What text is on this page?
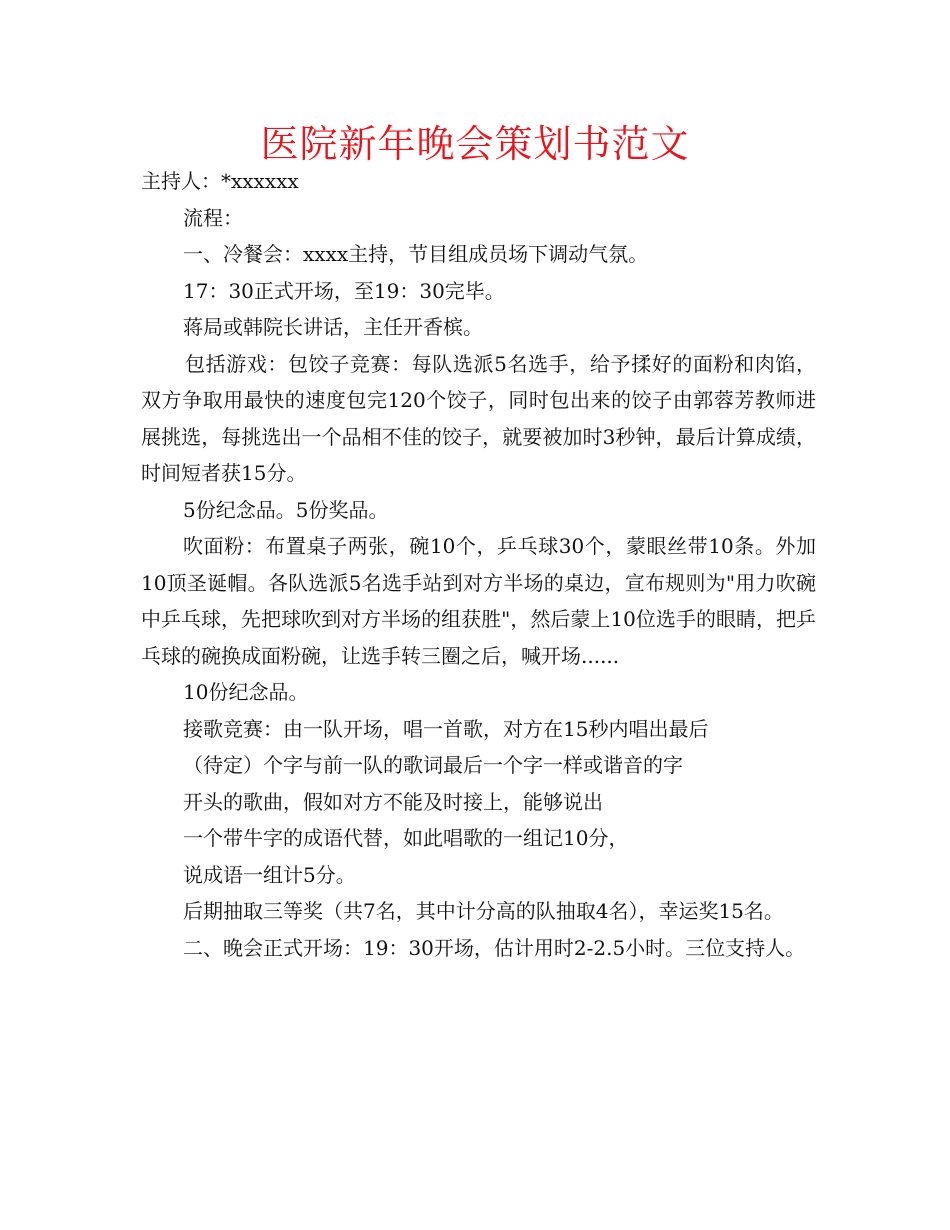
医院新年晚会策划书范文

主持人：*xxxxxx

流程：

一、冷餐会：xxxx主持，节目组成员场下调动气氛。

17：30正式开场，至19：30完毕。

蒋局或韩院长讲话，主任开香槟。

包括游戏：包饺子竞赛：每队选派5名选手，给予揉好的面粉和肉馅，双方争取用最快的速度包完120个饺子，同时包出来的饺子由郭蓉芳教师进展挑选，每挑选出一个品相不佳的饺子，就要被加时3秒钟，最后计算成绩，时间短者获15分。

5份纪念品。5份奖品。

吹面粉：布置桌子两张，碗10个，乒乓球30个，蒙眼丝带10条。外加10顶圣诞帽。各队选派5名选手站到对方半场的桌边，宣布规则为"用力吹碗中乒乓球，先把球吹到对方半场的组获胜"，然后蒙上10位选手的眼睛，把乒乓球的碗换成面粉碗，让选手转三圈之后，喊开场......

10份纪念品。

接歌竞赛：由一队开场，唱一首歌，对方在15秒内唱出最后

（待定）个字与前一队的歌词最后一个字一样或谐音的字

开头的歌曲，假如对方不能及时接上，能够说出

一个带牛字的成语代替，如此唱歌的一组记10分，

说成语一组计5分。

后期抽取三等奖（共7名，其中计分高的队抽取4名），幸运奖15名。

二、晚会正式开场：19：30开场，估计用时2-2.5小时。三位支持人。
